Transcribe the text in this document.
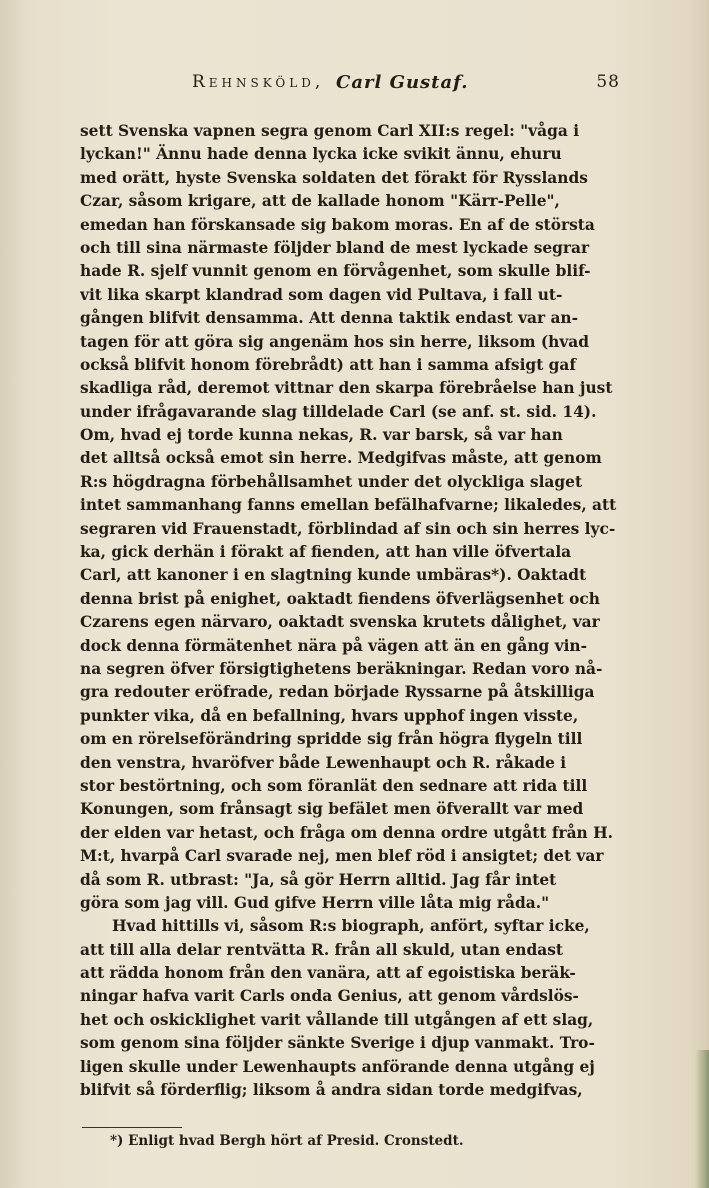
Rehnsköld, Carl Gustaf.	58
sett Svenska vapnen segra genom Carl XII:s regel: "våga i
lyckan!" Ännu hade denna lycka icke svikit ännu, ehuru
med orätt, hyste Svenska soldaten det förakt för Rysslands
Czar, såsom krigare, att de kallade honom "Kärr-Pelle",
emedan han förskansade sig bakom moras. En af de största
och till sina närmaste följder bland de mest lyckade segrar
hade R. sjelf vunnit genom en förvågenhet, som skulle blif-
vit lika skarpt klandrad som dagen vid Pultava, i fall ut-
gången blifvit densamma. Att denna taktik endast var an-
tagen för att göra sig angenäm hos sin herre, liksom (hvad
också blifvit honom förebrådt) att han i samma afsigt gaf
skadliga råd, deremot vittnar den skarpa förebråelse han just
under ifrågavarande slag tilldelade Carl (se anf. st. sid. 14).
Om, hvad ej torde kunna nekas, R. var barsk, så var han
det alltså också emot sin herre. Medgifvas måste, att genom
R:s högdragna förbehållsamhet under det olyckliga slaget
intet sammanhang fanns emellan befälhafvarne; likaledes, att
segraren vid Frauenstadt, förblindad af sin och sin herres lyc-
ka, gick derhän i förakt af fienden, att han ville öfvertala
Carl, att kanoner i en slagtning kunde umbäras*). Oaktadt
denna brist på enighet, oaktadt fiendens öfverlägsenhet och
Czarens egen närvaro, oaktadt svenska krutets dålighet, var
dock denna förmätenhet nära på vägen att än en gång vin-
na segren öfver försigtighetens beräkningar. Redan voro nå-
gra redouter eröfrade, redan började Ryssarne på åtskilliga
punkter vika, då en befallning, hvars upphof ingen visste,
om en rörelseförändring spridde sig från högra flygeln till
den venstra, hvaröfver både Lewenhaupt och R. råkade i
stor bestörtning, och som föranlät den sednare att rida till
Konungen, som frånsagt sig befälet men öfverallt var med
der elden var hetast, och fråga om denna ordre utgått från H.
M:t, hvarpå Carl svarade nej, men blef röd i ansigtet; det var
då som R. utbrast: "Ja, så gör Herrn alltid. Jag får intet
göra som jag vill. Gud gifve Herrn ville låta mig råda."
Hvad hittills vi, såsom R:s biograph, anfört, syftar icke,
att till alla delar rentvätta R. från all skuld, utan endast
att rädda honom från den vanära, att af egoistiska beräk-
ningar hafva varit Carls onda Genius, att genom vårdslös-
het och oskicklighet varit vållande till utgången af ett slag,
som genom sina följder sänkte Sverige i djup vanmakt. Tro-
ligen skulle under Lewenhaupts anförande denna utgång ej
blifvit så förderflig; liksom å andra sidan torde medgifvas,
*) Enligt hvad Bergh hört af Presid. Cronstedt.
